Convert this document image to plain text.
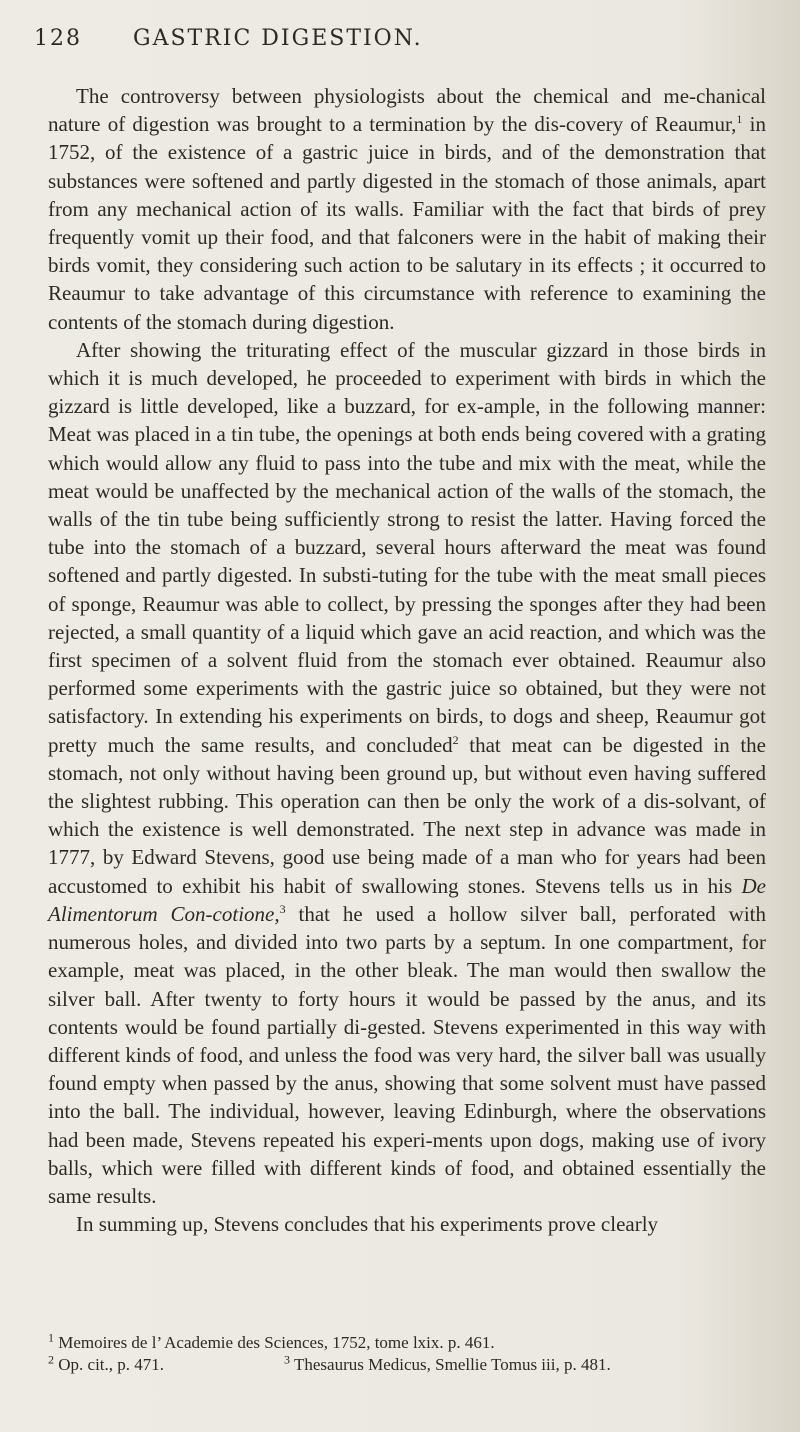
128 GASTRIC DIGESTION.

The controversy between physiologists about the chemical and me-chanical nature of digestion was brought to a termination by the dis-covery of Reaumur,$^1$ in 1752, of the existence of a gastric juice in birds, and of the demonstration that substances were softened and partly digested in the stomach of those animals, apart from any mechanical action of its walls. Familiar with the fact that birds of prey frequently vomit up their food, and that falconers were in the habit of making their birds vomit, they considering such action to be salutary in its effects ; it occurred to Reaumur to take advantage of this circumstance with reference to examining the contents of the stomach during digestion.

After showing the triturating effect of the muscular gizzard in those birds in which it is much developed, he proceeded to experiment with birds in which the gizzard is little developed, like a buzzard, for ex-ample, in the following manner: Meat was placed in a tin tube, the openings at both ends being covered with a grating which would allow any fluid to pass into the tube and mix with the meat, while the meat would be unaffected by the mechanical action of the walls of the stomach, the walls of the tin tube being sufficiently strong to resist the latter. Having forced the tube into the stomach of a buzzard, several hours afterward the meat was found softened and partly digested. In substi-tuting for the tube with the meat small pieces of sponge, Reaumur was able to collect, by pressing the sponges after they had been rejected, a small quantity of a liquid which gave an acid reaction, and which was the first specimen of a solvent fluid from the stomach ever obtained. Reaumur also performed some experiments with the gastric juice so obtained, but they were not satisfactory. In extending his experiments on birds, to dogs and sheep, Reaumur got pretty much the same results, and concluded$^2$ that meat can be digested in the stomach, not only without having been ground up, but without even having suffered the slightest rubbing. This operation can then be only the work of a dis-solvant, of which the existence is well demonstrated. The next step in advance was made in 1777, by Edward Stevens, good use being made of a man who for years had been accustomed to exhibit his habit of swallowing stones. Stevens tells us in his De Alimentorum Con-cotione,$^3$ that he used a hollow silver ball, perforated with numerous holes, and divided into two parts by a septum. In one compartment, for example, meat was placed, in the other bleak. The man would then swallow the silver ball. After twenty to forty hours it would be passed by the anus, and its contents would be found partially di-gested. Stevens experimented in this way with different kinds of food, and unless the food was very hard, the silver ball was usually found empty when passed by the anus, showing that some solvent must have passed into the ball. The individual, however, leaving Edinburgh, where the observations had been made, Stevens repeated his experi-ments upon dogs, making use of ivory balls, which were filled with different kinds of food, and obtained essentially the same results.

In summing up, Stevens concludes that his experiments prove clearly

$^1$ Memoires de l’ Academie des Sciences, 1752, tome lxix. p. 461.
$^2$ Op. cit., p. 471.	$^3$ Thesaurus Medicus, Smellie Tomus iii, p. 481.
